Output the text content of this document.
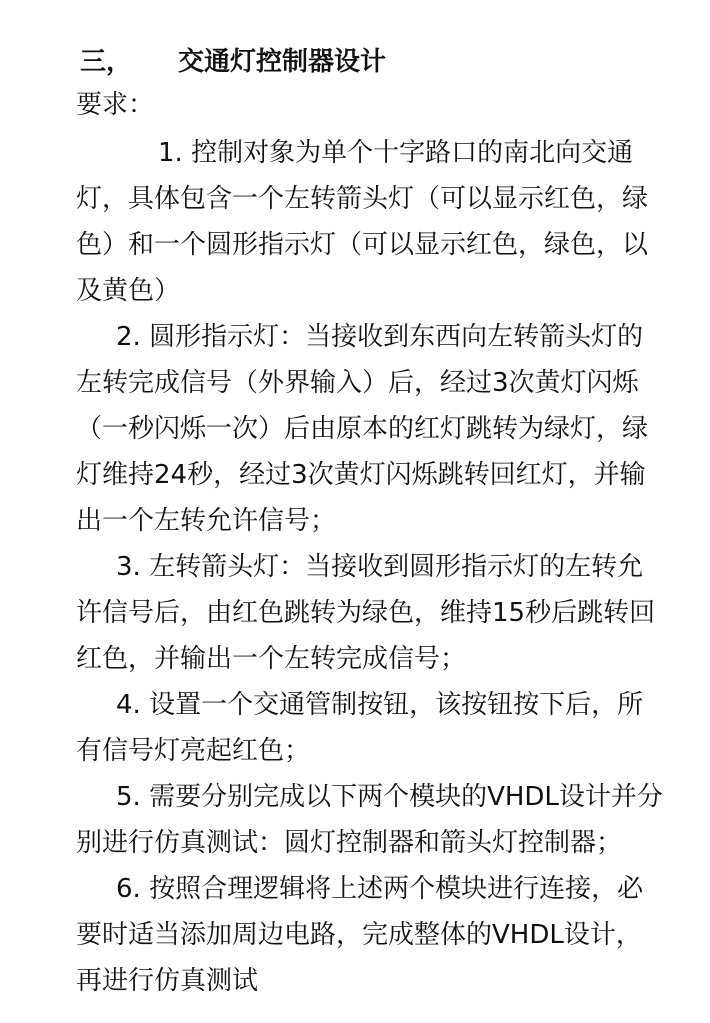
三，	交通灯控制器设计
要求：
1. 控制对象为单个十字路口的南北向交通
灯，具体包含一个左转箭头灯（可以显示红色，绿
色）和一个圆形指示灯（可以显示红色，绿色，以
及黄色）
2. 圆形指示灯：当接收到东西向左转箭头灯的
左转完成信号（外界输入）后，经过3次黄灯闪烁
（一秒闪烁一次）后由原本的红灯跳转为绿灯，绿
灯维持24秒，经过3次黄灯闪烁跳转回红灯，并输
出一个左转允许信号；
3. 左转箭头灯：当接收到圆形指示灯的左转允
许信号后，由红色跳转为绿色，维持15秒后跳转回
红色，并输出一个左转完成信号；
4. 设置一个交通管制按钮，该按钮按下后，所
有信号灯亮起红色；
5. 需要分别完成以下两个模块的VHDL设计并分
别进行仿真测试：圆灯控制器和箭头灯控制器；
6. 按照合理逻辑将上述两个模块进行连接，必
要时适当添加周边电路，完成整体的VHDL设计，
再进行仿真测试
